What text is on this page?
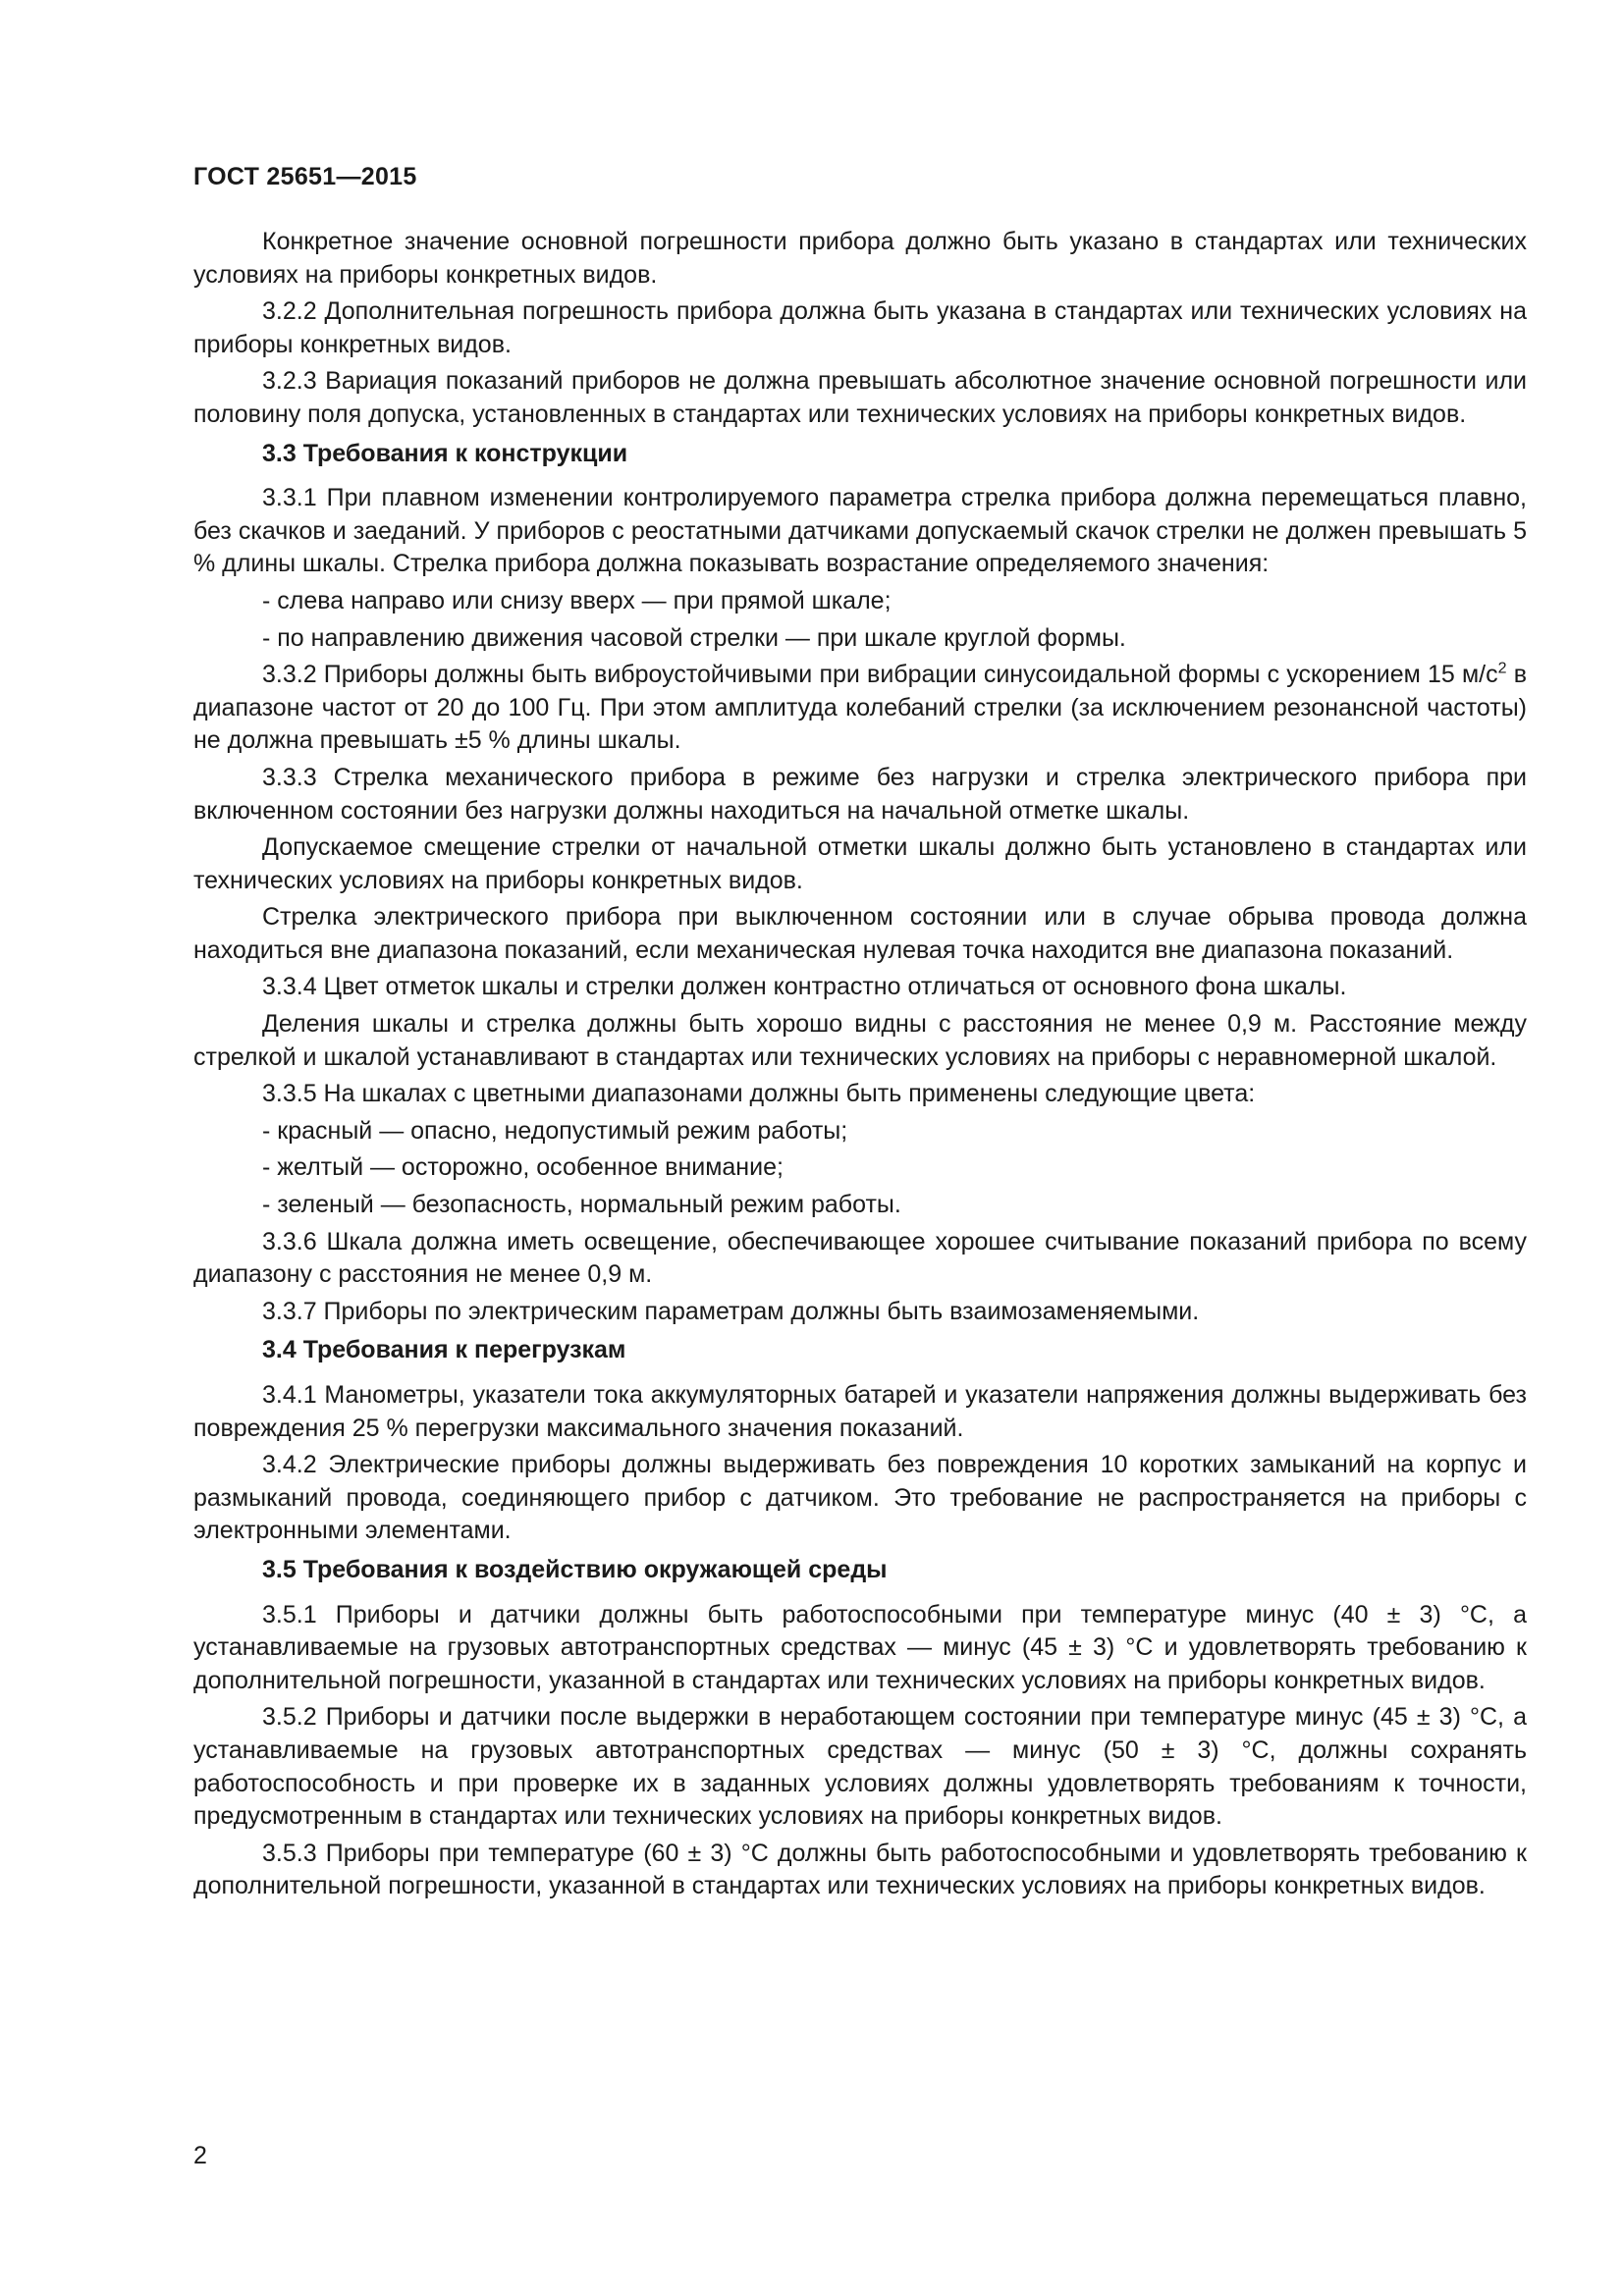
ГОСТ 25651—2015

Конкретное значение основной погрешности прибора должно быть указано в стандартах или технических условиях на приборы конкретных видов.

3.2.2 Дополнительная погрешность прибора должна быть указана в стандартах или технических условиях на приборы конкретных видов.

3.2.3 Вариация показаний приборов не должна превышать абсолютное значение основной погрешности или половину поля допуска, установленных в стандартах или технических условиях на приборы конкретных видов.

3.3 Требования к конструкции

3.3.1 При плавном изменении контролируемого параметра стрелка прибора должна перемещаться плавно, без скачков и заеданий. У приборов с реостатными датчиками допускаемый скачок стрелки не должен превышать 5 % длины шкалы. Стрелка прибора должна показывать возрастание определяемого значения:

- слева направо или снизу вверх — при прямой шкале;

- по направлению движения часовой стрелки — при шкале круглой формы.

3.3.2 Приборы должны быть виброустойчивыми при вибрации синусоидальной формы с ускорением 15 $м/с^2$ в диапазоне частот от 20 до 100 Гц. При этом амплитуда колебаний стрелки (за исключением резонансной частоты) не должна превышать ±5 % длины шкалы.

3.3.3 Стрелка механического прибора в режиме без нагрузки и стрелка электрического прибора при включенном состоянии без нагрузки должны находиться на начальной отметке шкалы.

Допускаемое смещение стрелки от начальной отметки шкалы должно быть установлено в стандартах или технических условиях на приборы конкретных видов.

Стрелка электрического прибора при выключенном состоянии или в случае обрыва провода должна находиться вне диапазона показаний, если механическая нулевая точка находится вне диапазона показаний.

3.3.4 Цвет отметок шкалы и стрелки должен контрастно отличаться от основного фона шкалы.

Деления шкалы и стрелка должны быть хорошо видны с расстояния не менее 0,9 м. Расстояние между стрелкой и шкалой устанавливают в стандартах или технических условиях на приборы с неравномерной шкалой.

3.3.5 На шкалах с цветными диапазонами должны быть применены следующие цвета:

- красный — опасно, недопустимый режим работы;

- желтый — осторожно, особенное внимание;

- зеленый — безопасность, нормальный режим работы.

3.3.6 Шкала должна иметь освещение, обеспечивающее хорошее считывание показаний прибора по всему диапазону с расстояния не менее 0,9 м.

3.3.7 Приборы по электрическим параметрам должны быть взаимозаменяемыми.

3.4 Требования к перегрузкам

3.4.1 Манометры, указатели тока аккумуляторных батарей и указатели напряжения должны выдерживать без повреждения 25 % перегрузки максимального значения показаний.

3.4.2 Электрические приборы должны выдерживать без повреждения 10 коротких замыканий на корпус и размыканий провода, соединяющего прибор с датчиком. Это требование не распространяется на приборы с электронными элементами.

3.5 Требования к воздействию окружающей среды

3.5.1 Приборы и датчики должны быть работоспособными при температуре минус (40 ± 3) °С, а устанавливаемые на грузовых автотранспортных средствах — минус (45 ± 3) °С и удовлетворять требованию к дополнительной погрешности, указанной в стандартах или технических условиях на приборы конкретных видов.

3.5.2 Приборы и датчики после выдержки в неработающем состоянии при температуре минус (45 ± 3) °С, а устанавливаемые на грузовых автотранспортных средствах — минус (50 ± 3) °С, должны сохранять работоспособность и при проверке их в заданных условиях должны удовлетворять требованиям к точности, предусмотренным в стандартах или технических условиях на приборы конкретных видов.

3.5.3 Приборы при температуре (60 ± 3) °С должны быть работоспособными и удовлетворять требованию к дополнительной погрешности, указанной в стандартах или технических условиях на приборы конкретных видов.

2
